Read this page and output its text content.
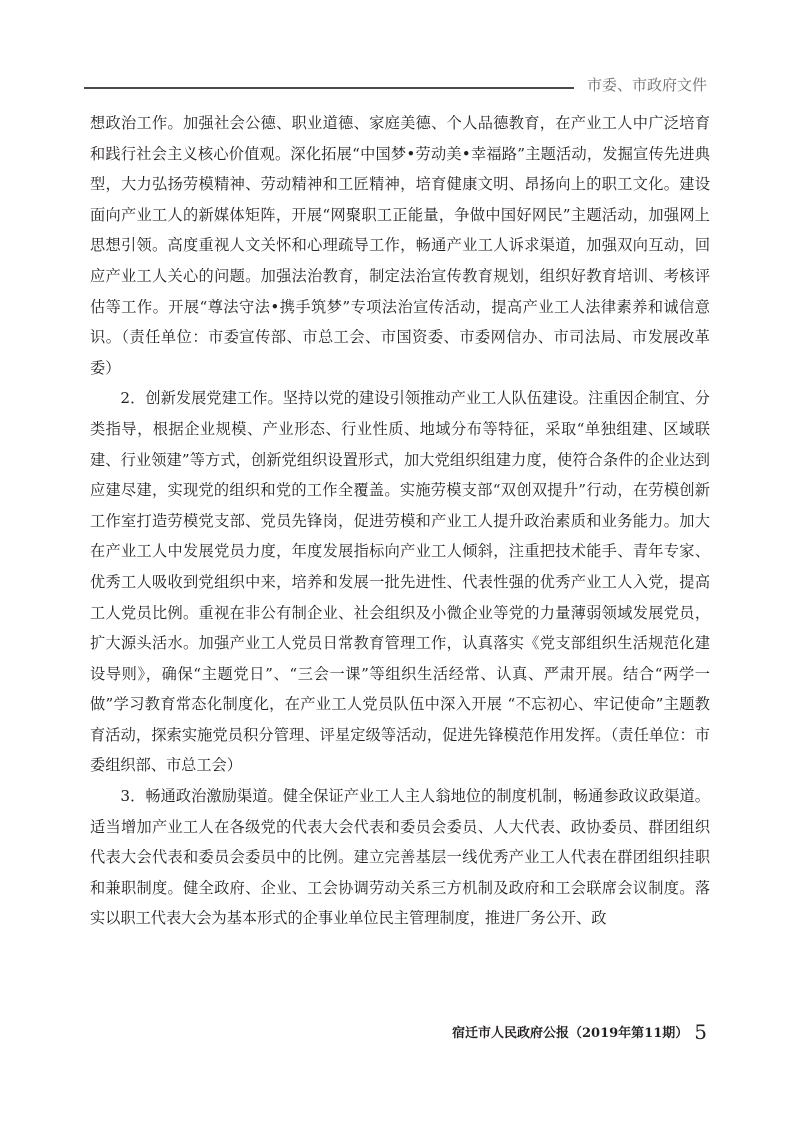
市委、市政府文件

想政治工作。加强社会公德、职业道德、家庭美德、个人品德教育，在产业工人中广泛培育和践行社会主义核心价值观。深化拓展“中国梦•劳动美•幸福路”主题活动，发掘宣传先进典型，大力弘扬劳模精神、劳动精神和工匠精神，培育健康文明、昂扬向上的职工文化。建设面向产业工人的新媒体矩阵，开展“网聚职工正能量，争做中国好网民”主题活动，加强网上思想引领。高度重视人文关怀和心理疏导工作，畅通产业工人诉求渠道，加强双向互动，回应产业工人关心的问题。加强法治教育，制定法治宣传教育规划，组织好教育培训、考核评估等工作。开展“尊法守法•携手筑梦”专项法治宣传活动，提高产业工人法律素养和诚信意识。（责任单位：市委宣传部、市总工会、市国资委、市委网信办、市司法局、市发展改革委）

2．创新发展党建工作。坚持以党的建设引领推动产业工人队伍建设。注重因企制宜、分类指导，根据企业规模、产业形态、行业性质、地域分布等特征，采取“单独组建、区域联建、行业领建”等方式，创新党组织设置形式，加大党组织组建力度，使符合条件的企业达到应建尽建，实现党的组织和党的工作全覆盖。实施劳模支部“双创双提升”行动，在劳模创新工作室打造劳模党支部、党员先锋岗，促进劳模和产业工人提升政治素质和业务能力。加大在产业工人中发展党员力度，年度发展指标向产业工人倾斜，注重把技术能手、青年专家、优秀工人吸收到党组织中来，培养和发展一批先进性、代表性强的优秀产业工人入党，提高工人党员比例。重视在非公有制企业、社会组织及小微企业等党的力量薄弱领域发展党员，扩大源头活水。加强产业工人党员日常教育管理工作，认真落实《党支部组织生活规范化建设导则》，确保“主题党日”、“三会一课”等组织生活经常、认真、严肃开展。结合“两学一做”学习教育常态化制度化，在产业工人党员队伍中深入开展 “不忘初心、牢记使命”主题教育活动，探索实施党员积分管理、评星定级等活动，促进先锋模范作用发挥。（责任单位：市委组织部、市总工会）

3．畅通政治激励渠道。健全保证产业工人主人翁地位的制度机制，畅通参政议政渠道。适当增加产业工人在各级党的代表大会代表和委员会委员、人大代表、政协委员、群团组织代表大会代表和委员会委员中的比例。建立完善基层一线优秀产业工人代表在群团组织挂职和兼职制度。健全政府、企业、工会协调劳动关系三方机制及政府和工会联席会议制度。落实以职工代表大会为基本形式的企事业单位民主管理制度，推进厂务公开、政

宿迁市人民政府公报（2019年第11期） 5
